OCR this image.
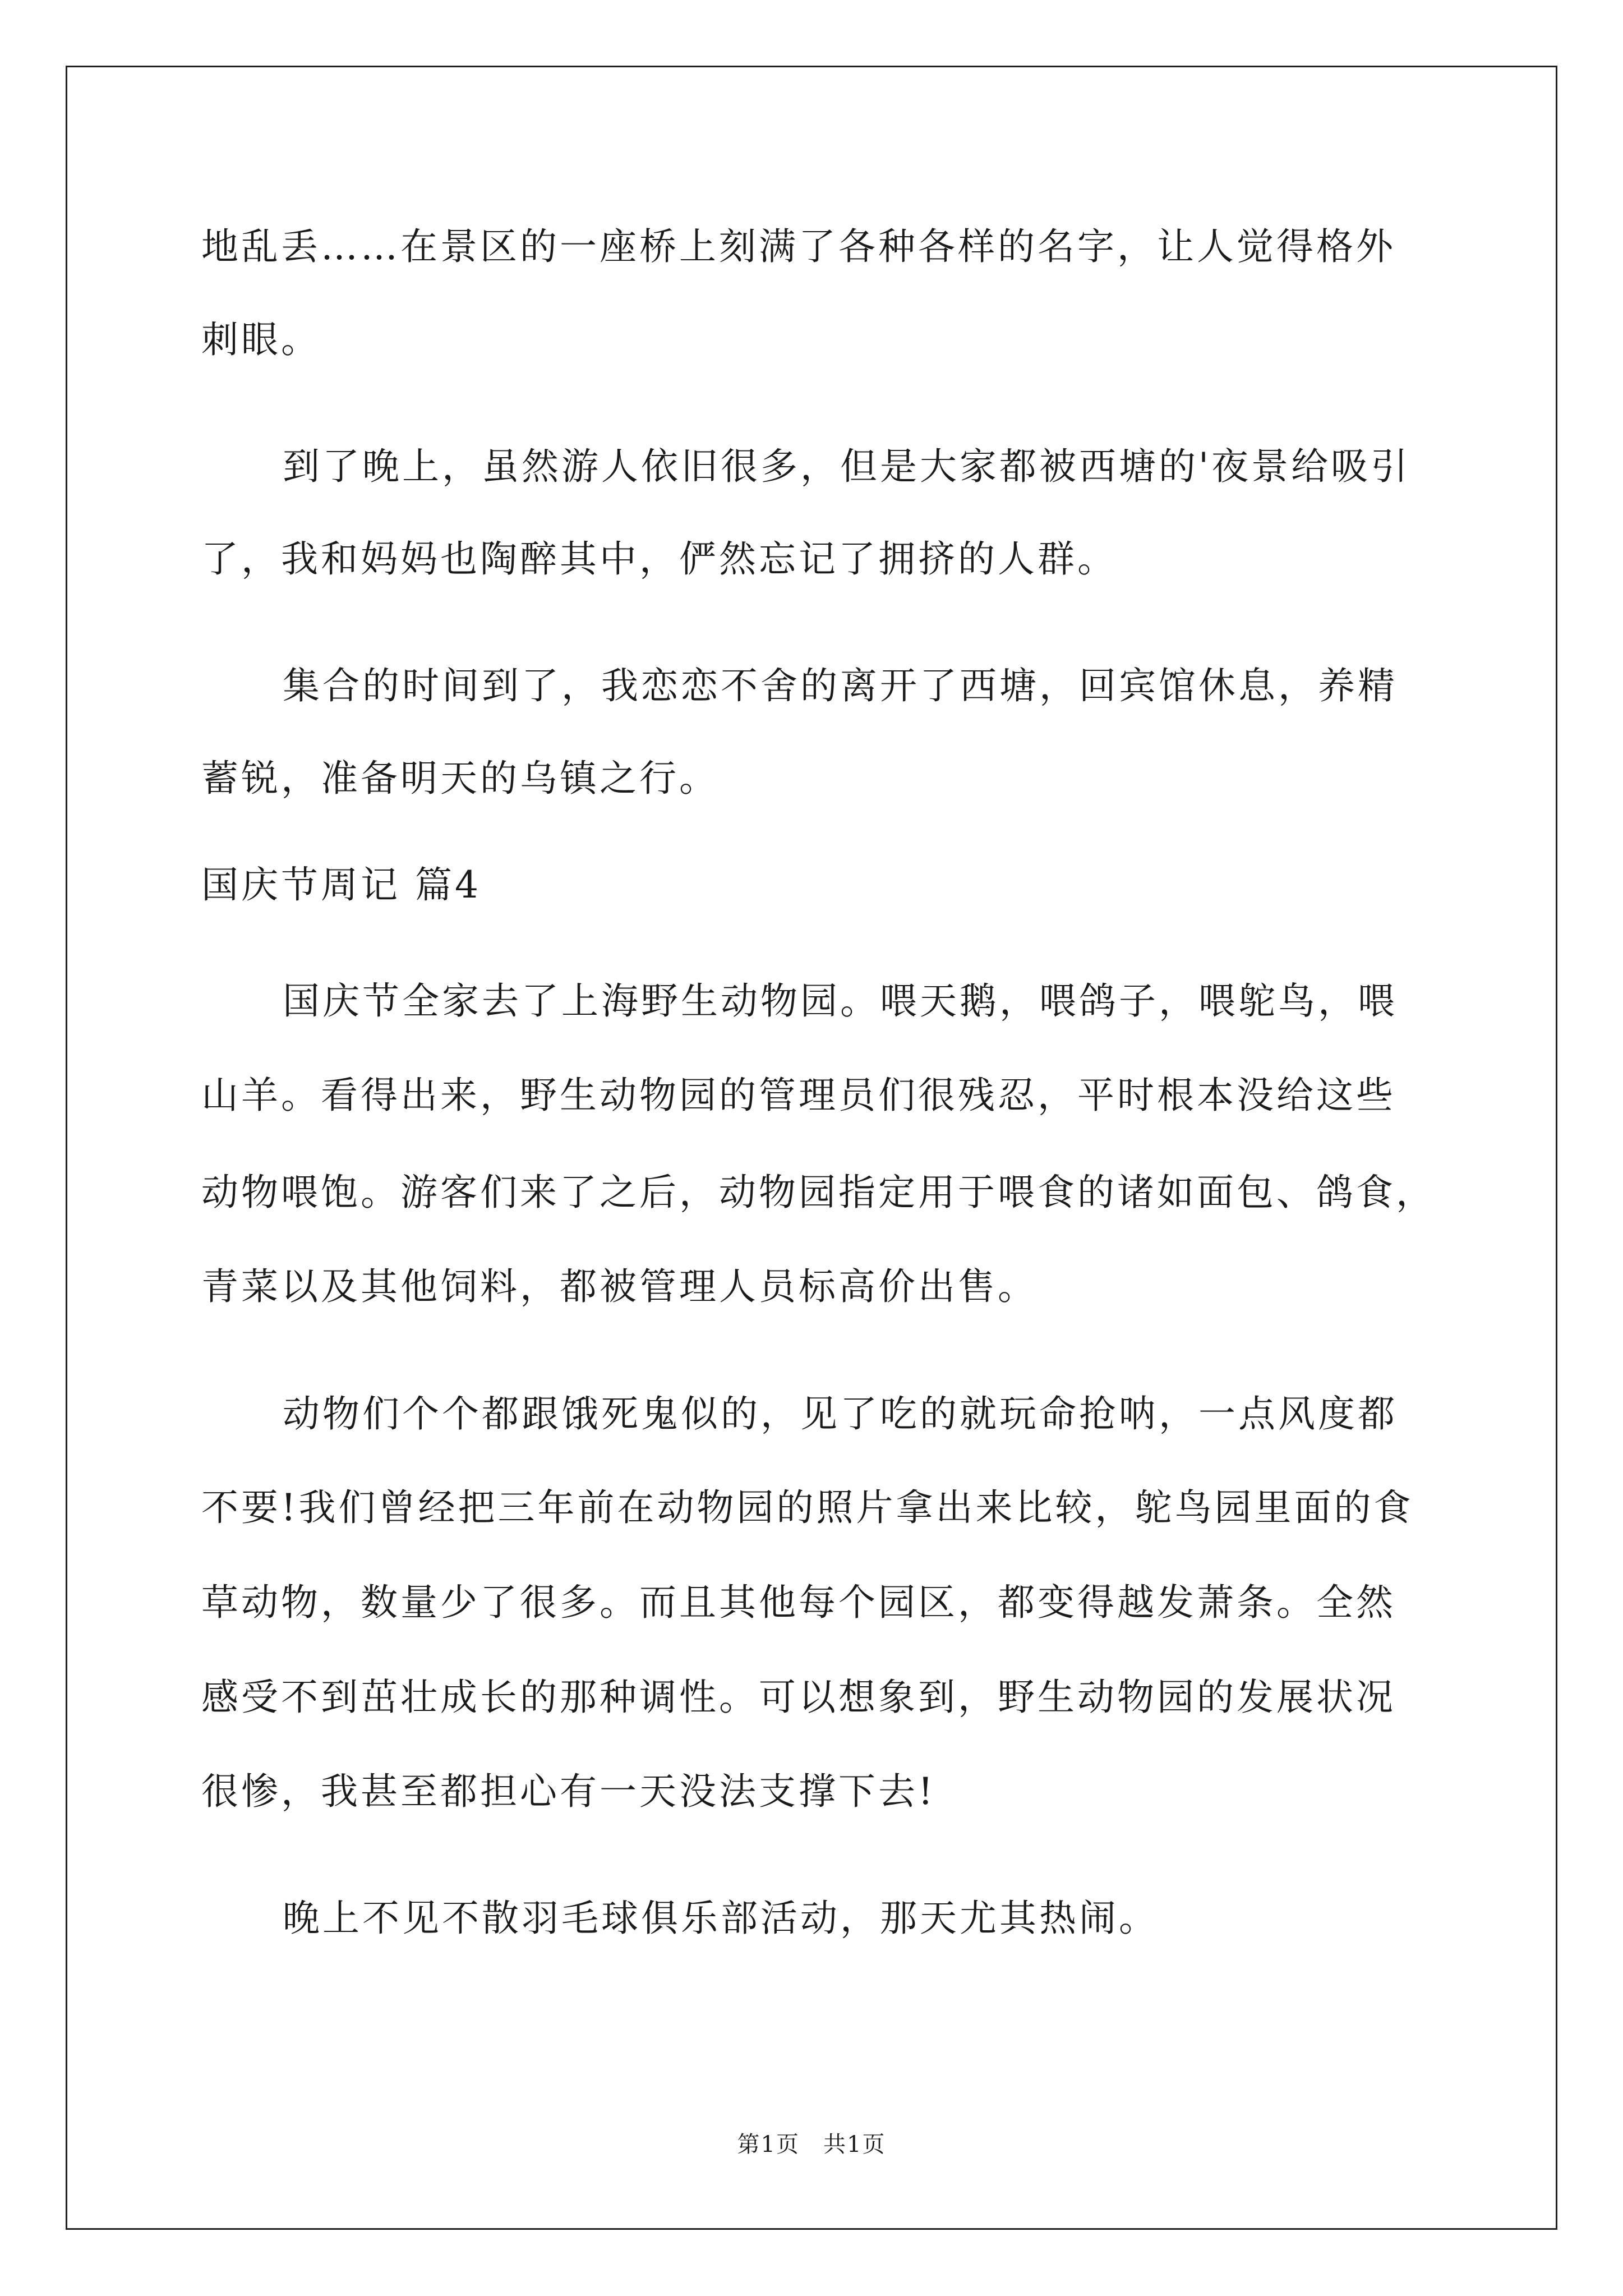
地乱丢……在景区的一座桥上刻满了各种各样的名字，让人觉得格外
刺眼。
到了晚上，虽然游人依旧很多，但是大家都被西塘的'夜景给吸引
了，我和妈妈也陶醉其中，俨然忘记了拥挤的人群。
集合的时间到了，我恋恋不舍的离开了西塘，回宾馆休息，养精
蓄锐，准备明天的乌镇之行。
国庆节周记 篇4
国庆节全家去了上海野生动物园。喂天鹅，喂鸽子，喂鸵鸟，喂
山羊。看得出来，野生动物园的管理员们很残忍，平时根本没给这些
动物喂饱。游客们来了之后，动物园指定用于喂食的诸如面包、鸽食，
青菜以及其他饲料，都被管理人员标高价出售。
动物们个个都跟饿死鬼似的，见了吃的就玩命抢呐，一点风度都
不要!我们曾经把三年前在动物园的照片拿出来比较，鸵鸟园里面的食
草动物，数量少了很多。而且其他每个园区，都变得越发萧条。全然
感受不到茁壮成长的那种调性。可以想象到，野生动物园的发展状况
很惨，我甚至都担心有一天没法支撑下去!
晚上不见不散羽毛球俱乐部活动，那天尤其热闹。
第1页　共1页
